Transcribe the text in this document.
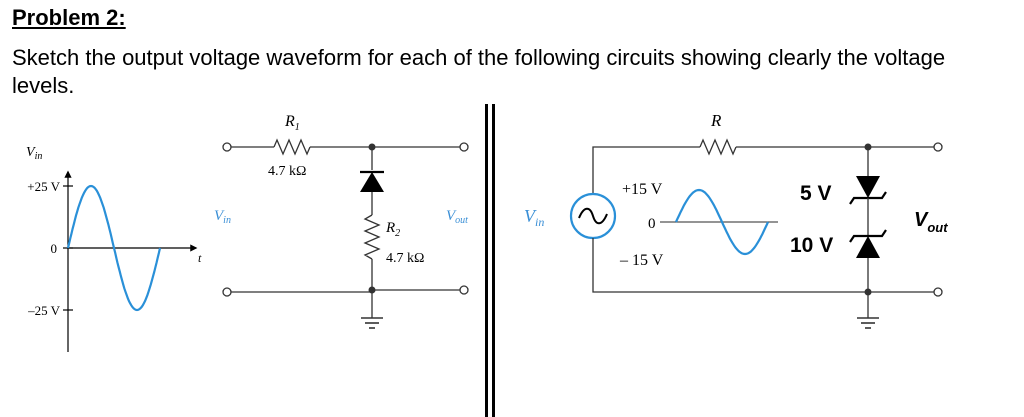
Problem 2:
Sketch the output voltage waveform for each of the following circuits showing clearly the voltage levels.
$V_{in}$
+25 V
0
–25 V
t
$R_1$
4.7 kΩ
$R_2$
4.7 kΩ
$V_{in}$	$V_{out}$
R
$V_{in}$
+15 V
0
– 15 V
5 V
10 V
$V_{out}$
